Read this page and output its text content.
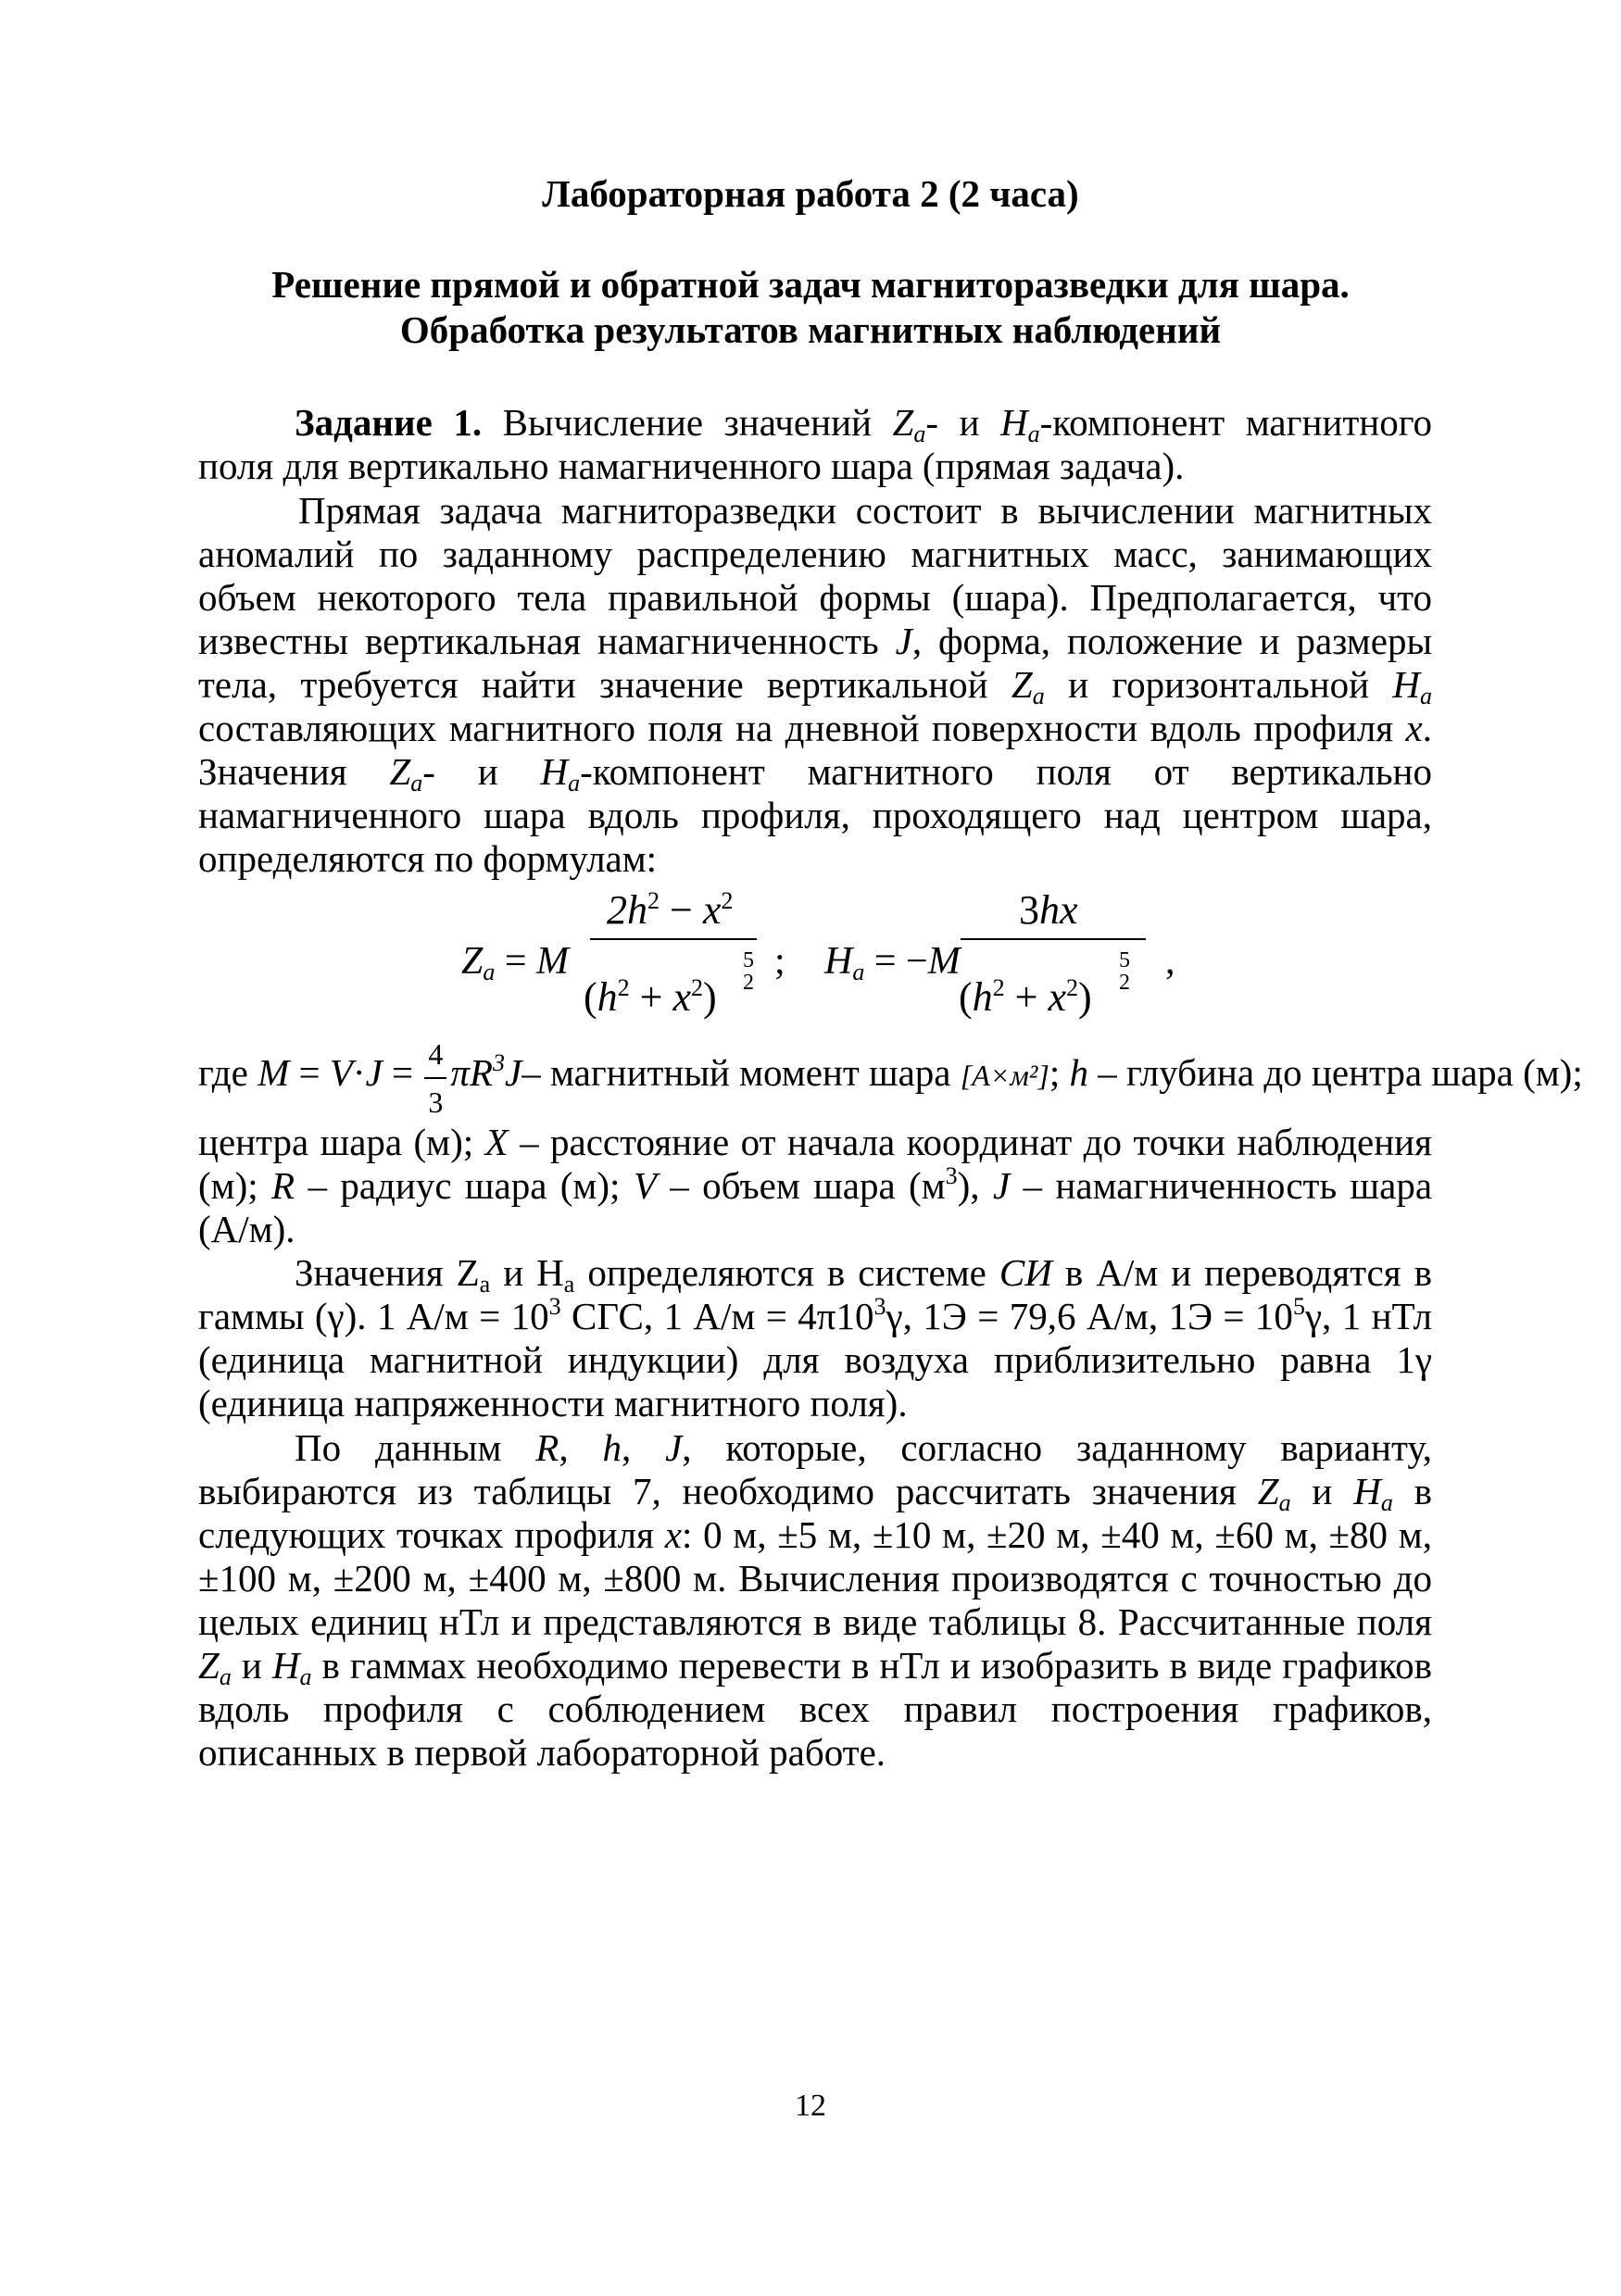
Лабораторная работа 2 (2 часа)
Решение прямой и обратной задач магниторазведки для шара.
Обработка результатов магнитных наблюдений

Задание 1. Вычисление значений $Z_a-$ и $H_a$-компонент магнитного поля для вертикально намагниченного шара (прямая задача).

Прямая задача магниторазведки состоит в вычислении магнитных аномалий по заданному распределению магнитных масс, занимающих объем некоторого тела правильной формы (шара). Предполагается, что известны вертикальная намагниченность J, форма, положение и размеры тела, требуется найти значение вертикальной $Z_a$ и горизонтальной $H_a$ составляющих магнитного поля на дневной поверхности вдоль профиля x. Значения $Z_a-$ и $H_a$-компонент магнитного поля от вертикально намагниченного шара вдоль профиля, проходящего над центром шара, определяются по формулам:

$2h^2 - x^2$
$Z_a = M$
$(h^2 + x^2)$
5
2 ; $H_a = -M$
3hx
$(h^2 + x^2)$
5
2 ,
где $M = V\cdot J = \frac{4}{3} \pi R^3J$ – магнитный момент шара [A×м²]; h – глубина до центра шара (м);

центра шара (м); X – расстояние от начала координат до точки наблюдения (м); R – радиус шара (м); V – объем шара $(м^3)$, J – намагниченность шара (А/м).

Значения $Z_a$ и $H_a$ определяются в системе СИ в А/м и переводятся в гаммы (γ). 1 $А/м = 10^3$ СГС, 1 $А/м = 4\pi 10^3\gamma$, 1Э = 79,6 А/м, $1Э = 10^5\gamma$, 1 нТл (единица магнитной индукции) для воздуха приблизительно равна 1γ (единица напряженности магнитного поля).

По данным R, h, J, которые, согласно заданному варианту, выбираются из таблицы 7, необходимо рассчитать значения $Z_a$ и $H_a$ в следующих точках профиля x: 0 м, ±5 м, ±10 м, ±20 м, ±40 м, ±60 м, ±80 м, ±100 м, ±200 м, ±400 м, ±800 м. Вычисления производятся с точностью до целых единиц нТл и представляются в виде таблицы 8. Рассчитанные поля $Z_a$ и $H_a$ в гаммах необходимо перевести в нТл и изобразить в виде графиков вдоль профиля с соблюдением всех правил построения графиков, описанных в первой лабораторной работе.

12
